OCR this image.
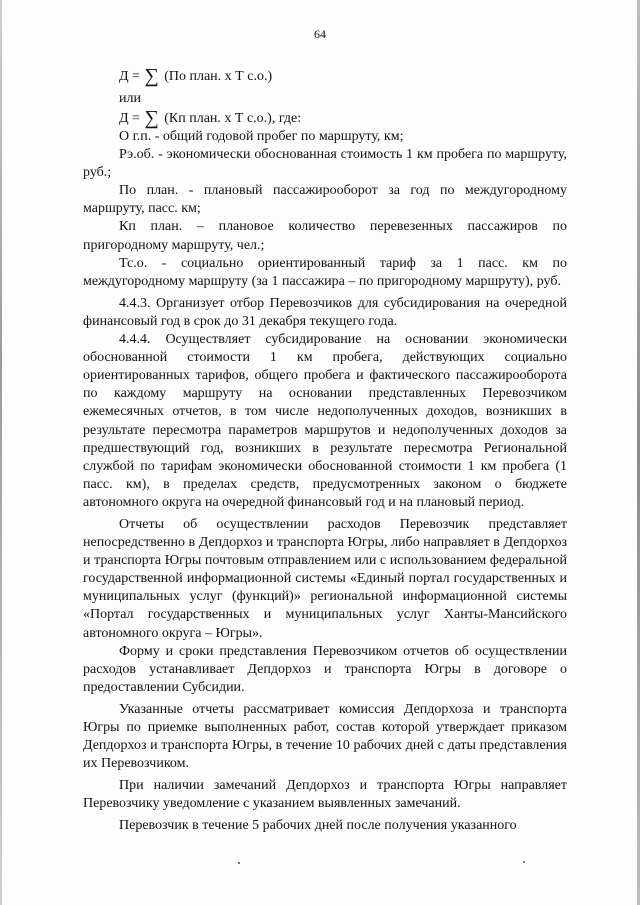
64
Д = ∑ (По план. х Т с.о.)
или
Д = ∑ (Кп план. х Т с.о.), где:

О г.п. - общий годовой пробег по маршруту, км;

Рэ.об. - экономически обоснованная стоимость 1 км пробега по маршруту, руб.;

По план. - плановый пассажирооборот за год по междугородному маршруту, пасс. км;

Кп план. – плановое количество перевезенных пассажиров по пригородному маршруту, чел.;

Тс.о. - социально ориентированный тариф за 1 пасс. км по междугородному маршруту (за 1 пассажира – по пригородному маршруту), руб.

4.4.3. Организует отбор Перевозчиков для субсидирования на очередной финансовый год в срок до 31 декабря текущего года.

4.4.4. Осуществляет субсидирование на основании экономически обоснованной стоимости 1 км пробега, действующих социально ориентированных тарифов, общего пробега и фактического пассажирооборота по каждому маршруту на основании представленных Перевозчиком ежемесячных отчетов, в том числе недополученных доходов, возникших в результате пересмотра параметров маршрутов и недополученных доходов за предшествующий год, возникших в результате пересмотра Региональной службой по тарифам экономически обоснованной стоимости 1 км пробега (1 пасс. км), в пределах средств, предусмотренных законом о бюджете автономного округа на очередной финансовый год и на плановый период.

Отчеты об осуществлении расходов Перевозчик представляет непосредственно в Депдорхоз и транспорта Югры, либо направляет в Депдорхоз и транспорта Югры почтовым отправлением или с использованием федеральной государственной информационной системы «Единый портал государственных и муниципальных услуг (функций)» региональной информационной системы «Портал государственных и муниципальных услуг Ханты-Мансийского автономного округа – Югры».

Форму и сроки представления Перевозчиком отчетов об осуществлении расходов устанавливает Депдорхоз и транспорта Югры в договоре о предоставлении Субсидии.

Указанные отчеты рассматривает комиссия Депдорхоза и транспорта Югры по приемке выполненных работ, состав которой утверждает приказом Депдорхоз и транспорта Югры, в течение 10 рабочих дней с даты представления их Перевозчиком.

При наличии замечаний Депдорхоз и транспорта Югры направляет Перевозчику уведомление с указанием выявленных замечаний.

Перевозчик в течение 5 рабочих дней после получения указанного
